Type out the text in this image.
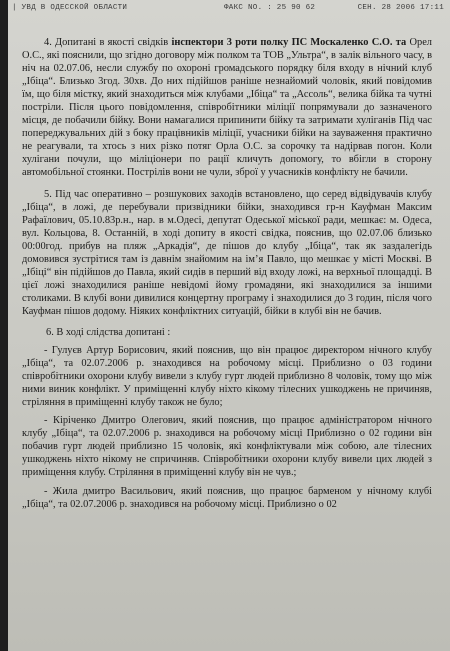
| УВД В ОДЕССКОЙ ОБЛАСТИ	ФАКС NO. : 25 90 62	СЕН. 28 2006 17:11

4. Допитані в якості свідків інспектори 3 роти полку ПС Москаленко С.О. та Орел О.С., які пояснили, що згідно договору між полком та ТОВ „Ультра“, в залік вільного часу, в ніч на 02.07.06, несли службу по охороні громадського порядку біля входу в нічний клуб „Ібіца“. Близько 3год. 30хв. До них підійшов раніше незнайомий чоловік, який повідомив їм, що біля містку, який знаходиться між клубами „Ібіца“ та „Ассоль“, велика бійка та чутні постріли. Після цього повідомлення, співробітники міліції попрямували до зазначеного місця, де побачили бійку. Вони намагалися припинити бійку та затримати хуліганів Під час попереджувальних дій з боку працівників міліції, учасники бійки на зауваження практично не реагували, та хтось з них різко потяг Орла О.С. за сорочку та надірвав погон. Коли хулігани почули, що міліціонери по рації кличуть допомогу, то вбігли в сторону автомобільної стоянки. Пострілів вони не чули, зброї у учасників конфлікту не бачили.

5. Під час оперативно – розшукових заходів встановлено, що серед відвідувачів клубу „Ібіца“, в ложі, де перебували призвідники бійки, знаходився гр-н Кауфман Максим Рафаїлович, 05.10.83р.н., нар. в м.Одесі, депутат Одеської міської ради, мешкає: м. Одеса, вул. Кольцова, 8. Останній, в ході допиту в якості свідка, пояснив, що 02.07.06 близько 00:00год. прибув на пляж „Аркадія“, де пішов до клубу „Ібіца“, так як заздалегідь домовився зустрітися там із давнім знайомим на ім’я Павло, що мешкає у місті Москві. В „Ібіці“ він підійшов до Павла, який сидів в перший від входу ложі, на верхньої площадці. В цієї ложі знаходилися раніше невідомі йому громадяни, які знаходилися за іншими столиками. В клубі вони дивилися концертну програму і знаходилися до 3 годин, після чого Кауфман пішов додому. Ніяких конфліктних ситуацій, бійки в клубі він не бачив.

6. В ході слідства допитані :

- Гулуєв Артур Борисович, який пояснив, що він працює директором нічного клубу „Ібіца“, та 02.07.2006 р. знаходився на робочому місці. Приблизно о 03 години співробітники охорони клубу вивели з клубу гурт людей приблизно 8 чоловік, тому що між ними виник конфлікт. У приміщенні клубу ніхто кікому тілесних ушкоджень не причиняв, стріляння в приміщенні клубу також не було;

- Кіріченко Дмитро Олегович, який пояснив, що працює адміністратором нічного клубу „Ібіца“, та 02.07.2006 р. знаходився на робочому місці Приблизно о 02 години він побачив гурт людей приблизно 15 чоловік, які конфліктували між собою, але тілесних ушкоджень ніхто нікому не спричиняв. Співробітники охорони клубу вивели цих людей з приміщення клубу. Стріляння в приміщенні клубу він не чув.;

- Жила дмитро Васильович, який пояснив, що працює барменом у нічному клубі „Ібіца“, та 02.07.2006 р. знаходився на робочому місці. Приблизно о 02
